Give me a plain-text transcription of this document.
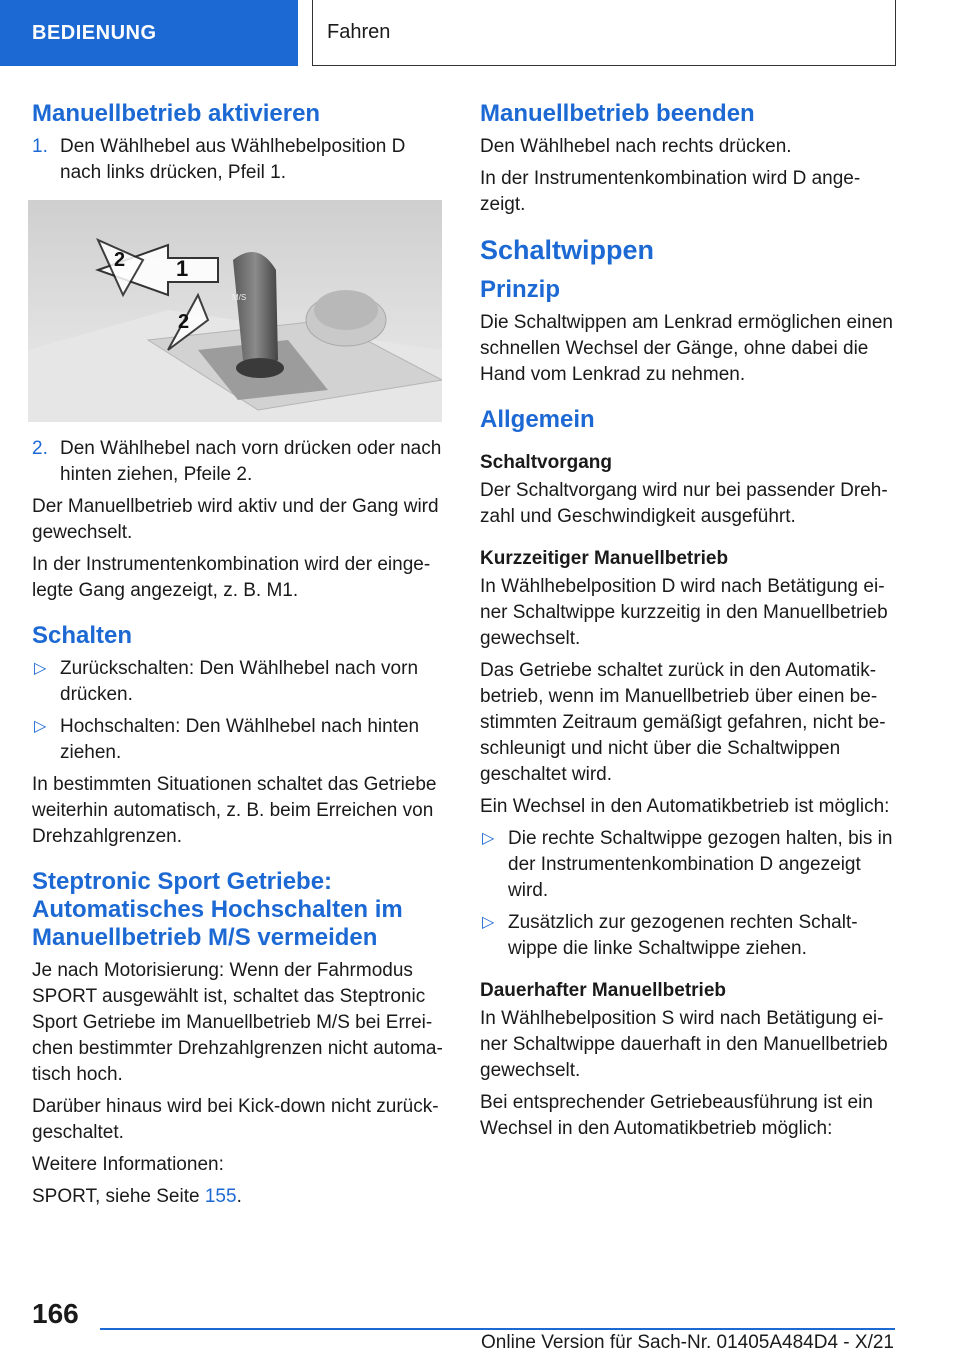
BEDIENUNG	Fahren
Manuellbetrieb aktivieren
1. Den Wählhebel aus Wählhebelposition D nach links drücken, Pfeil 1.
M/S
1
2
2
2. Den Wählhebel nach vorn drücken oder nach hinten ziehen, Pfeile 2.

Der Manuellbetrieb wird aktiv und der Gang wird gewechselt.

In der Instrumentenkombination wird der eingelegte Gang angezeigt, z. B. M1.

Schalten
▷ Zurückschalten: Den Wählhebel nach vorn drücken.
▷ Hochschalten: Den Wählhebel nach hinten ziehen.

In bestimmten Situationen schaltet das Getriebe weiterhin automatisch, z. B. beim Erreichen von Drehzahlgrenzen.

Steptronic Sport Getriebe: Automatisches Hochschalten im Manuellbetrieb M/S vermeiden

Je nach Motorisierung: Wenn der Fahrmodus SPORT ausgewählt ist, schaltet das Steptronic Sport Getriebe im Manuellbetrieb M/S bei Erreichen bestimmter Drehzahlgrenzen nicht automatisch hoch.

Darüber hinaus wird bei Kick-down nicht zurückgeschaltet.

Weitere Informationen:

SPORT, siehe Seite 155.

Manuellbetrieb beenden

Den Wählhebel nach rechts drücken.

In der Instrumentenkombination wird D angezeigt.

Schaltwippen
Prinzip

Die Schaltwippen am Lenkrad ermöglichen einen schnellen Wechsel der Gänge, ohne dabei die Hand vom Lenkrad zu nehmen.

Allgemein
Schaltvorgang

Der Schaltvorgang wird nur bei passender Drehzahl und Geschwindigkeit ausgeführt.

Kurzzeitiger Manuellbetrieb

In Wählhebelposition D wird nach Betätigung einer Schaltwippe kurzzeitig in den Manuellbetrieb gewechselt.

Das Getriebe schaltet zurück in den Automatikbetrieb, wenn im Manuellbetrieb über einen bestimmten Zeitraum gemäßigt gefahren, nicht beschleunigt und nicht über die Schaltwippen geschaltet wird.

Ein Wechsel in den Automatikbetrieb ist möglich:

▷ Die rechte Schaltwippe gezogen halten, bis in der Instrumentenkombination D angezeigt wird.
▷ Zusätzlich zur gezogenen rechten Schaltwippe die linke Schaltwippe ziehen.
Dauerhafter Manuellbetrieb

In Wählhebelposition S wird nach Betätigung einer Schaltwippe dauerhaft in den Manuellbetrieb gewechselt.

Bei entsprechender Getriebeausführung ist ein Wechsel in den Automatikbetrieb möglich:

166
Online Version für Sach-Nr. 01405A484D4 - X/21
